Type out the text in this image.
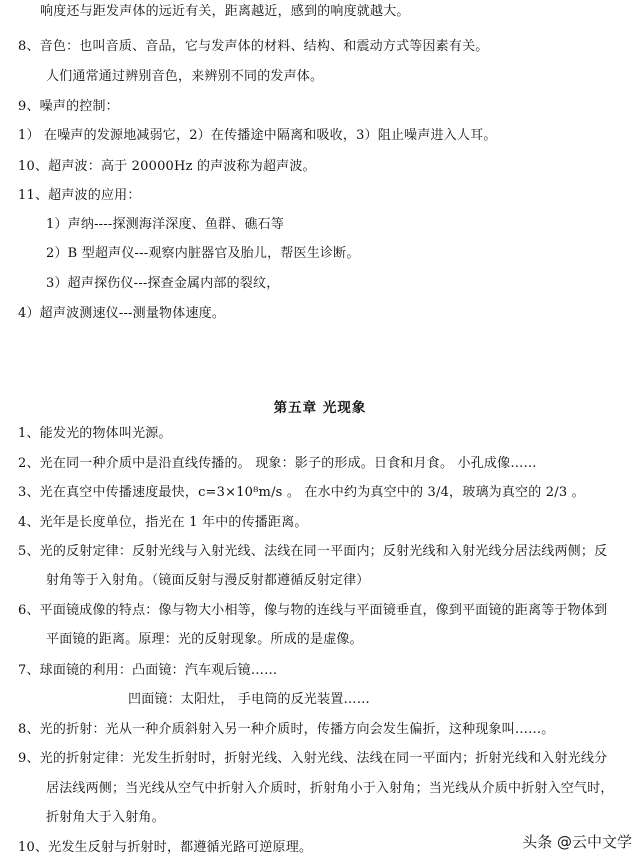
响度还与距发声体的远近有关，距离越近，感到的响度就越大。
8、音色：也叫音质、音品，它与发声体的材料、结构、和震动方式等因素有关。
人们通常通过辨别音色，来辨别不同的发声体。
9、噪声的控制：
1） 在噪声的发源地减弱它，2）在传播途中隔离和吸收，3）阻止噪声进入人耳。
10、超声波：高于 20000Hz 的声波称为超声波。
11、超声波的应用：
1）声纳----探测海洋深度、鱼群、礁石等
2）B 型超声仪---观察内脏器官及胎儿，帮医生诊断。
3）超声探伤仪---探查金属内部的裂纹，
4）超声波测速仪---测量物体速度。
第五章 光现象
1、能发光的物体叫光源。
2、光在同一种介质中是沿直线传播的。 现象：影子的形成。日食和月食。 小孔成像……
3、光在真空中传播速度最快，c=3×10⁸m/s 。 在水中约为真空中的 3/4，玻璃为真空的 2/3 。
4、光年是长度单位，指光在 1 年中的传播距离。
5、光的反射定律：反射光线与入射光线、法线在同一平面内；反射光线和入射光线分居法线两侧；反
射角等于入射角。（镜面反射与漫反射都遵循反射定律）
6、平面镜成像的特点：像与物大小相等，像与物的连线与平面镜垂直，像到平面镜的距离等于物体到
平面镜的距离。原理：光的反射现象。所成的是虚像。
7、球面镜的利用：凸面镜：汽车观后镜……
凹面镜：太阳灶， 手电筒的反光装置……
8、光的折射：光从一种介质斜射入另一种介质时，传播方向会发生偏折，这种现象叫……。
9、光的折射定律：光发生折射时，折射光线、入射光线、法线在同一平面内；折射光线和入射光线分
居法线两侧；当光线从空气中折射入介质时，折射角小于入射角；当光线从介质中折射入空气时，
折射角大于入射角。
10、光发生反射与折射时，都遵循光路可逆原理。	头条 @云中文学
